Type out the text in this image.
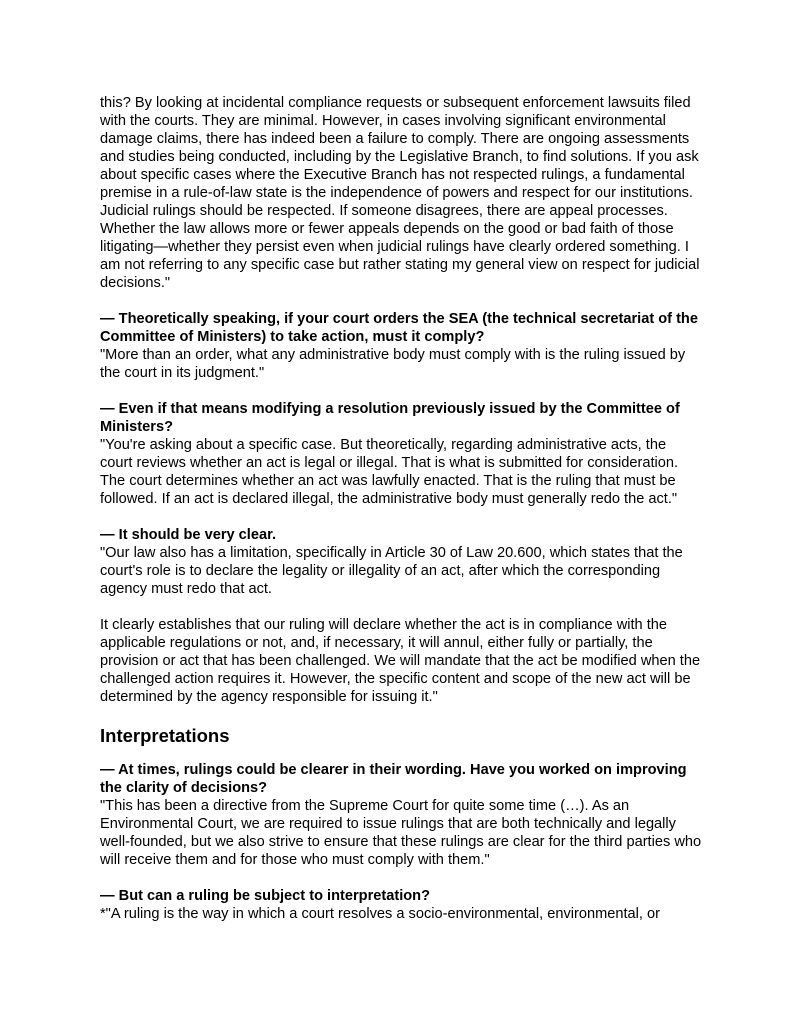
this? By looking at incidental compliance requests or subsequent enforcement lawsuits filed with the courts. They are minimal. However, in cases involving significant environmental damage claims, there has indeed been a failure to comply. There are ongoing assessments and studies being conducted, including by the Legislative Branch, to find solutions. If you ask about specific cases where the Executive Branch has not respected rulings, a fundamental premise in a rule-of-law state is the independence of powers and respect for our institutions. Judicial rulings should be respected. If someone disagrees, there are appeal processes. Whether the law allows more or fewer appeals depends on the good or bad faith of those litigating—whether they persist even when judicial rulings have clearly ordered something. I am not referring to any specific case but rather stating my general view on respect for judicial decisions."

— Theoretically speaking, if your court orders the SEA (the technical secretariat of the Committee of Ministers) to take action, must it comply?

"More than an order, what any administrative body must comply with is the ruling issued by the court in its judgment."

— Even if that means modifying a resolution previously issued by the Committee of Ministers?

"You're asking about a specific case. But theoretically, regarding administrative acts, the court reviews whether an act is legal or illegal. That is what is submitted for consideration. The court determines whether an act was lawfully enacted. That is the ruling that must be followed. If an act is declared illegal, the administrative body must generally redo the act."

— It should be very clear.

"Our law also has a limitation, specifically in Article 30 of Law 20.600, which states that the court's role is to declare the legality or illegality of an act, after which the corresponding agency must redo that act.

It clearly establishes that our ruling will declare whether the act is in compliance with the applicable regulations or not, and, if necessary, it will annul, either fully or partially, the provision or act that has been challenged. We will mandate that the act be modified when the challenged action requires it. However, the specific content and scope of the new act will be determined by the agency responsible for issuing it."

Interpretations

— At times, rulings could be clearer in their wording. Have you worked on improving the clarity of decisions?

"This has been a directive from the Supreme Court for quite some time (…). As an Environmental Court, we are required to issue rulings that are both technically and legally well-founded, but we also strive to ensure that these rulings are clear for the third parties who will receive them and for those who must comply with them."

— But can a ruling be subject to interpretation?

*"A ruling is the way in which a court resolves a socio-environmental, environmental, or
